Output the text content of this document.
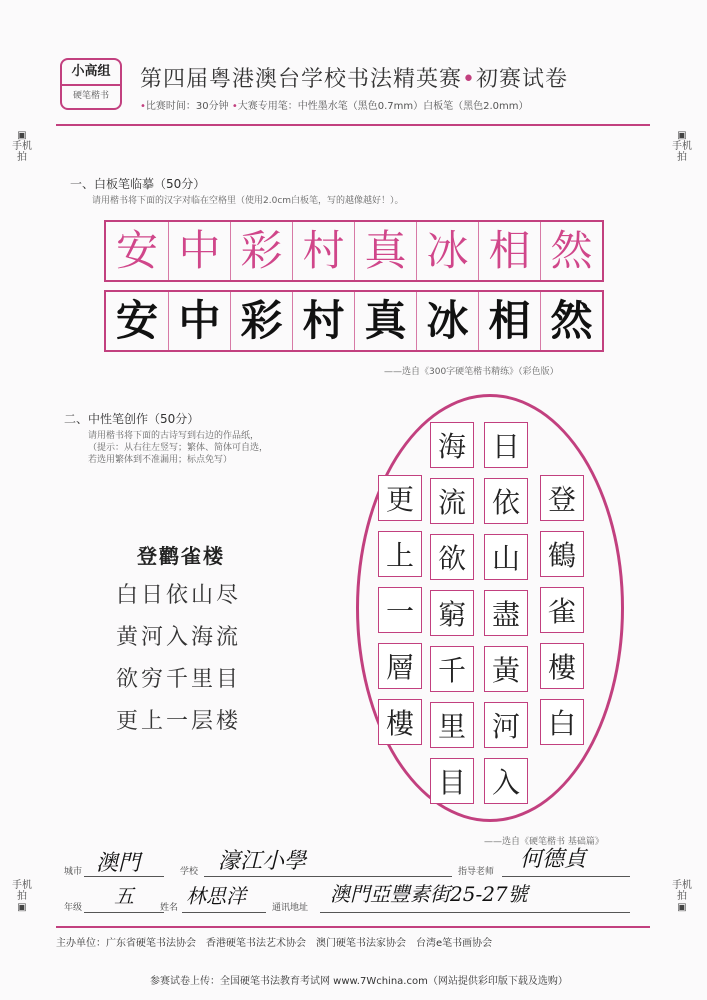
小高组
硬笔楷书
第四届粤港澳台学校书法精英赛•初赛试卷
•比赛时间：30分钟 •大赛专用笔：中性墨水笔（黑色0.7mm）白板笔（黑色2.0mm）
▣
手机拍
▣
手机拍
手机拍
▣
手机拍
▣
一、白板笔临摹（50分）
请用楷书将下面的汉字对临在空格里（使用2.0cm白板笔，写的越像越好！）。
安 中 彩 村 真 冰 相 然
安 中 彩 村 真 冰 相 然
——选自《300字硬笔楷书精练》（彩色版）
二、中性笔创作（50分）
请用楷书将下面的古诗写到右边的作品纸，
（提示：从右往左竖写；繁体、简体可自选，
若选用繁体到不准漏用；标点免写）
登鹳雀楼
白日依山尽
黄河入海流
欲穷千里目
更上一层楼
登
鶴
雀
樓
白
日
依
山
盡
黃
河
入
海
流
欲
窮
千
里
目
更
上
一
層
樓
——选自《硬笔楷书 基础篇》
城市 澳門	学校 濠江小學	指导老师 何德貞
年级 五	姓名 林思洋	通讯地址
澳門亞豐素街25-27號
主办单位：广东省硬笔书法协会　香港硬笔书法艺术协会　澳门硬笔书法家协会　台湾e笔书画协会
参赛试卷上传：全国硬笔书法教育考试网 www.7Wchina.com（网站提供彩印版下载及选购）
